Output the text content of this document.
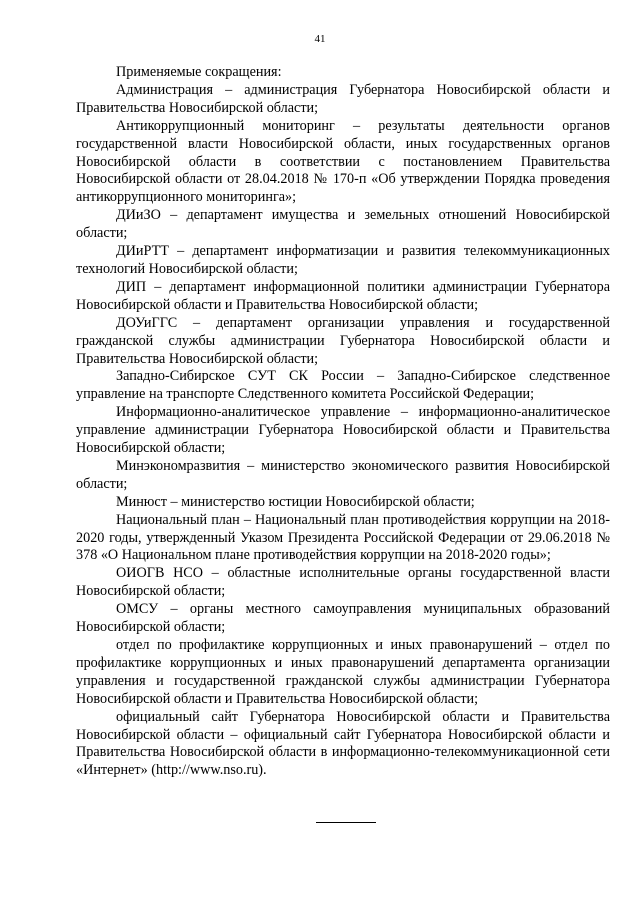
41

Применяемые сокращения:

Администрация – администрация Губернатора Новосибирской области и Правительства Новосибирской области;

Антикоррупционный мониторинг – результаты деятельности органов государственной власти Новосибирской области, иных государственных органов Новосибирской области в соответствии с постановлением Правительства Новосибирской области от 28.04.2018 № 170-п «Об утверждении Порядка проведения антикоррупционного мониторинга»;

ДИиЗО – департамент имущества и земельных отношений Новосибирской области;

ДИиРТТ – департамент информатизации и развития телекоммуникационных технологий Новосибирской области;

ДИП – департамент информационной политики администрации Губернатора Новосибирской области и Правительства Новосибирской области;

ДОУиГГС – департамент организации управления и государственной гражданской службы администрации Губернатора Новосибирской области и Правительства Новосибирской области;

Западно-Сибирское СУТ СК России – Западно-Сибирское следственное управление на транспорте Следственного комитета Российской Федерации;

Информационно-аналитическое управление – информационно-аналитическое управление администрации Губернатора Новосибирской области и Правительства Новосибирской области;

Минэкономразвития – министерство экономического развития Новосибирской области;

Минюст – министерство юстиции Новосибирской области;

Национальный план – Национальный план противодействия коррупции на 2018-2020 годы, утвержденный Указом Президента Российской Федерации от 29.06.2018 № 378 «О Национальном плане противодействия коррупции на 2018-2020 годы»;

ОИОГВ НСО – областные исполнительные органы государственной власти Новосибирской области;

ОМСУ – органы местного самоуправления муниципальных образований Новосибирской области;

отдел по профилактике коррупционных и иных правонарушений – отдел по профилактике коррупционных и иных правонарушений департамента организации управления и государственной гражданской службы администрации Губернатора Новосибирской области и Правительства Новосибирской области;

официальный сайт Губернатора Новосибирской области и Правительства Новосибирской области – официальный сайт Губернатора Новосибирской области и Правительства Новосибирской области в информационно-телекоммуникационной сети «Интернет» (http://www.nso.ru).
